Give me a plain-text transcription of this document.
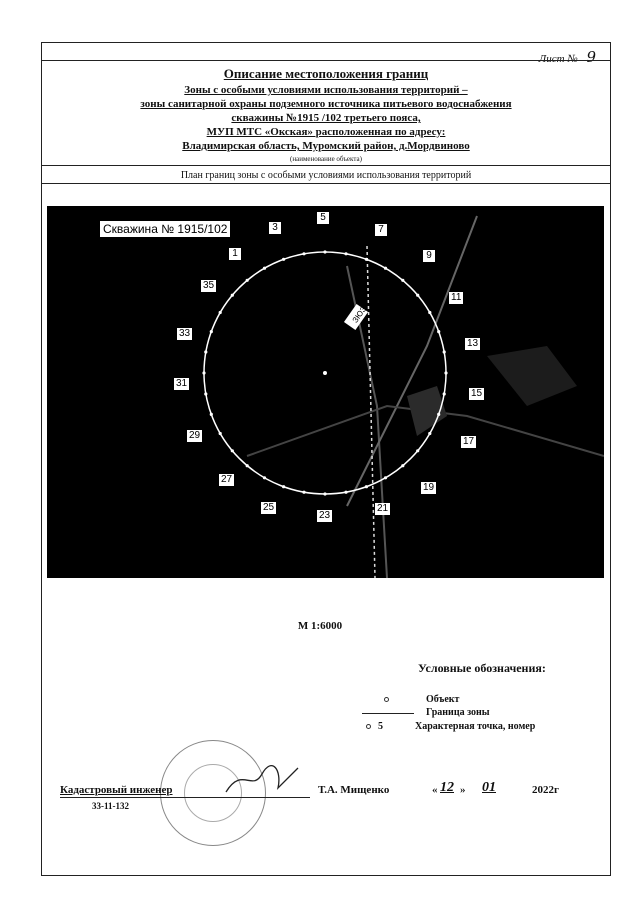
Лист № 9
Описание местоположения границ
Зоны с особыми условиями использования территорий –
зоны санитарной охраны подземного источника питьевого водоснабжения
скважины №1915 /102 третьего пояса,
МУП МТС «Окская» расположенная по адресу:
Владимирская область, Муромский район, д.Мордвиново
(наименование объекта)
План границ зоны с особыми условиями использования территорий
ЗЮЗ
Скважина № 1915/102
1
3
5
7
9
11
13
15
17
19
21
23
25
27
29
31
33
35
М 1:6000
Условные обозначения:
Объект
Граница зоны
5	Характерная точка, номер
Кадастровый инженер
33-11-132
Т.А. Мищенко	« 12 » 01	2022г
